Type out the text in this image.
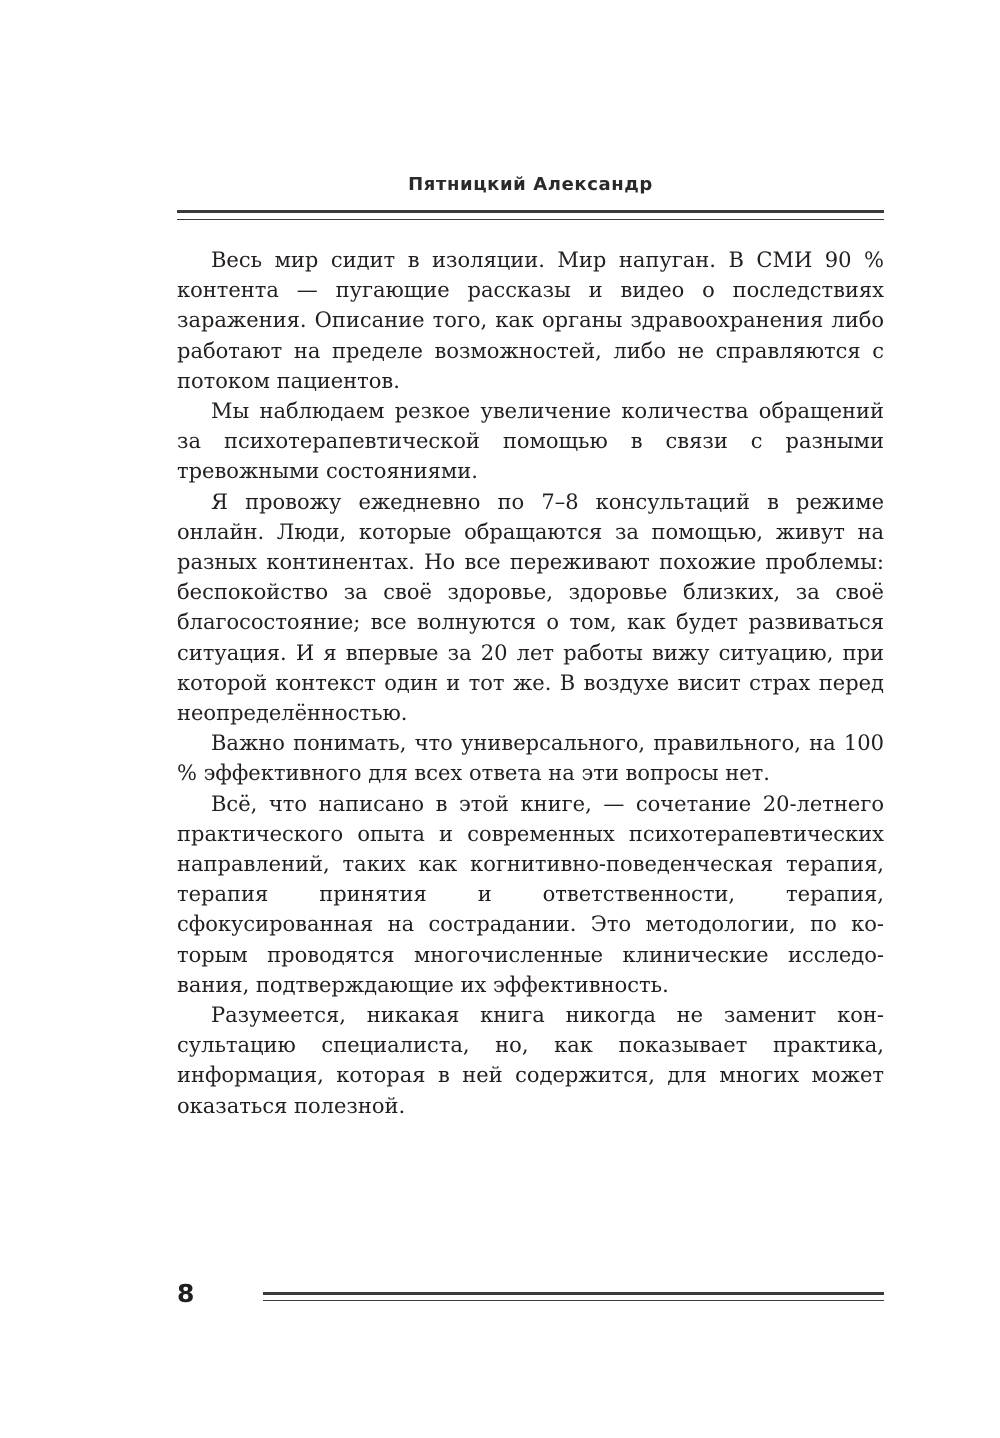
Пятницкий Александр

Весь мир сидит в изоляции. Мир напуган. В СМИ 90 % контента — пугающие рассказы и видео о последствиях заражения. Описание того, как органы здравоохранения либо работают на пределе возможностей, либо не справляются с потоком пациентов.

Мы наблюдаем резкое увеличение количества обращений за психотерапевтической помощью в связи с разными тревожными состояниями.

Я провожу ежедневно по 7–8 консультаций в режиме онлайн. Люди, которые обращаются за помощью, живут на разных континентах. Но все переживают похожие проблемы: беспокойство за своё здоровье, здоровье близких, за своё благосостояние; все волнуются о том, как будет развиваться ситуация. И я впервые за 20 лет работы вижу ситуацию, при которой контекст один и тот же. В воздухе висит страх перед неопределённостью.

Важно понимать, что универсального, правильного, на 100 % эффективного для всех ответа на эти вопросы нет.

Всё, что написано в этой книге, — сочетание 20-летнего практического опыта и современных психотерапевтических направлений, таких как когнитивно-поведенческая терапия, терапия принятия и ответственности, терапия, сфокусированная на сострадании. Это методологии, по которым проводятся многочисленные клинические исследования, подтверждающие их эффективность.

Разумеется, никакая книга никогда не заменит консультацию специалиста, но, как показывает практика, информация, которая в ней содержится, для многих может оказаться полезной.

8
